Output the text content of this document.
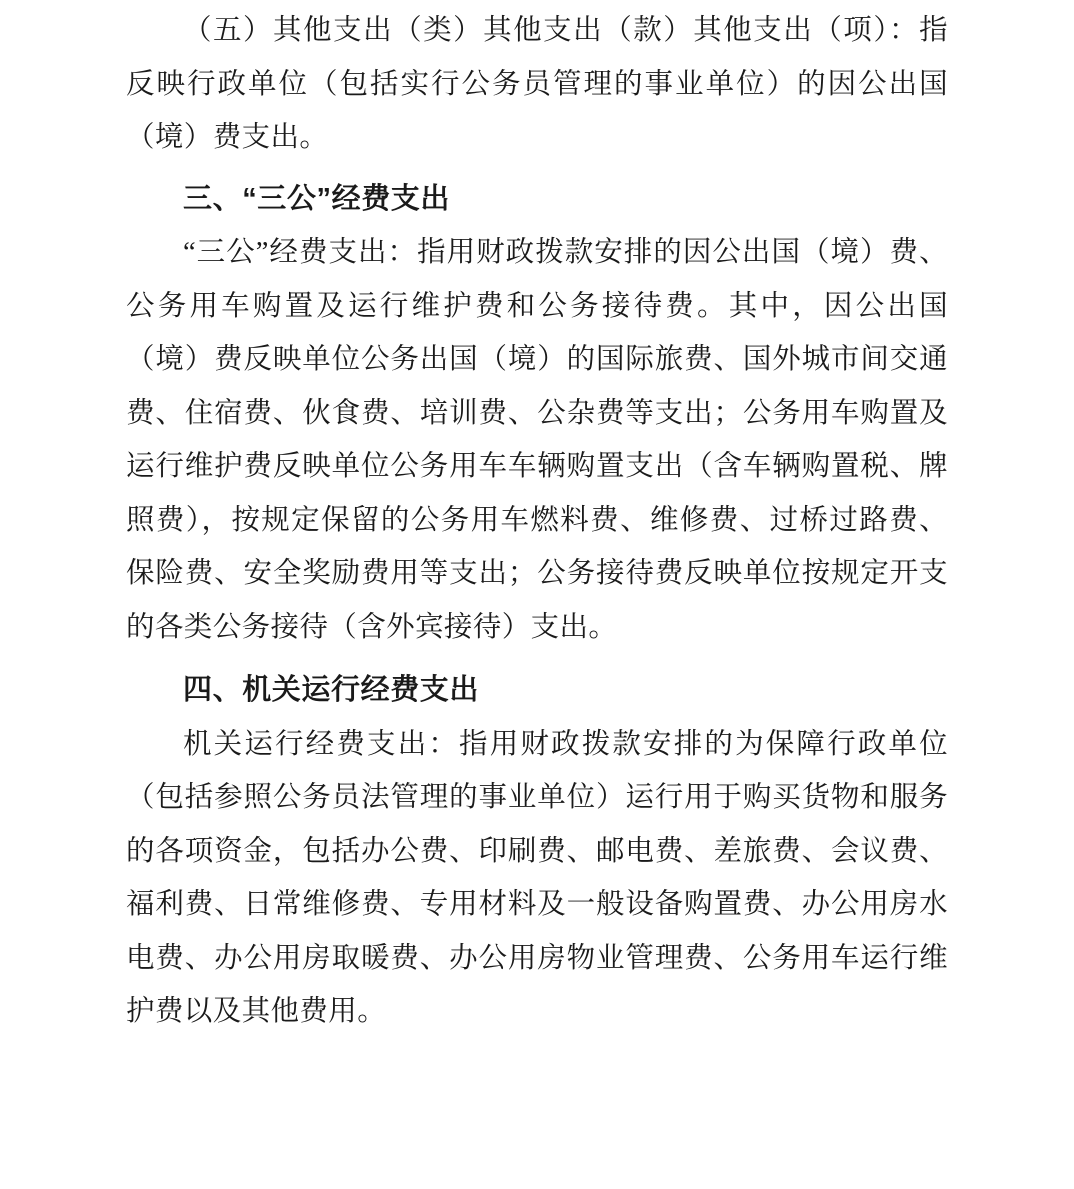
（五）其他支出（类）其他支出（款）其他支出（项）：指反映行政单位（包括实行公务员管理的事业单位）的因公出国（境）费支出。

三、“三公”经费支出

“三公”经费支出：指用财政拨款安排的因公出国（境）费、公务用车购置及运行维护费和公务接待费。其中，因公出国（境）费反映单位公务出国（境）的国际旅费、国外城市间交通费、住宿费、伙食费、培训费、公杂费等支出；公务用车购置及运行维护费反映单位公务用车车辆购置支出（含车辆购置税、牌照费），按规定保留的公务用车燃料费、维修费、过桥过路费、保险费、安全奖励费用等支出；公务接待费反映单位按规定开支的各类公务接待（含外宾接待）支出。

四、机关运行经费支出

机关运行经费支出：指用财政拨款安排的为保障行政单位（包括参照公务员法管理的事业单位）运行用于购买货物和服务的各项资金，包括办公费、印刷费、邮电费、差旅费、会议费、福利费、日常维修费、专用材料及一般设备购置费、办公用房水电费、办公用房取暖费、办公用房物业管理费、公务用车运行维护费以及其他费用。
